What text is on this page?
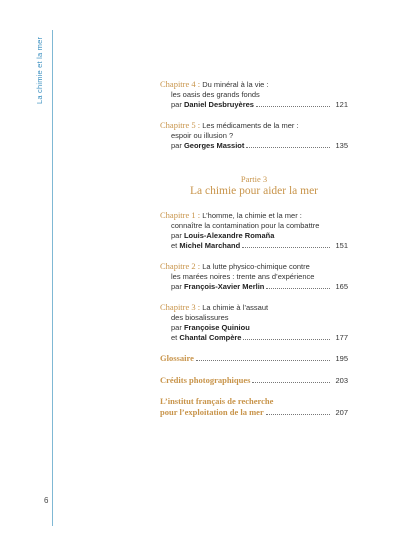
La chimie et la mer
6
Chapitre 4 : Du minéral à la vie :
les oasis des grands fonds
par Daniel Desbruyères	121
Chapitre 5 : Les médicaments de la mer :
espoir ou illusion ?
par Georges Massiot	135
Partie 3
La chimie pour aider la mer
Chapitre 1 : L’homme, la chimie et la mer :
connaître la contamination pour la combattre
par Louis-Alexandre Romaña
et Michel Marchand	151
Chapitre 2 : La lutte physico-chimique contre
les marées noires : trente ans d’expérience
par François-Xavier Merlin	165
Chapitre 3 : La chimie à l’assaut
des biosalissures
par Françoise Quiniou
et Chantal Compère	177
Glossaire	195
Crédits photographiques	203
L’institut français de recherche
pour l’exploitation de la mer	207
